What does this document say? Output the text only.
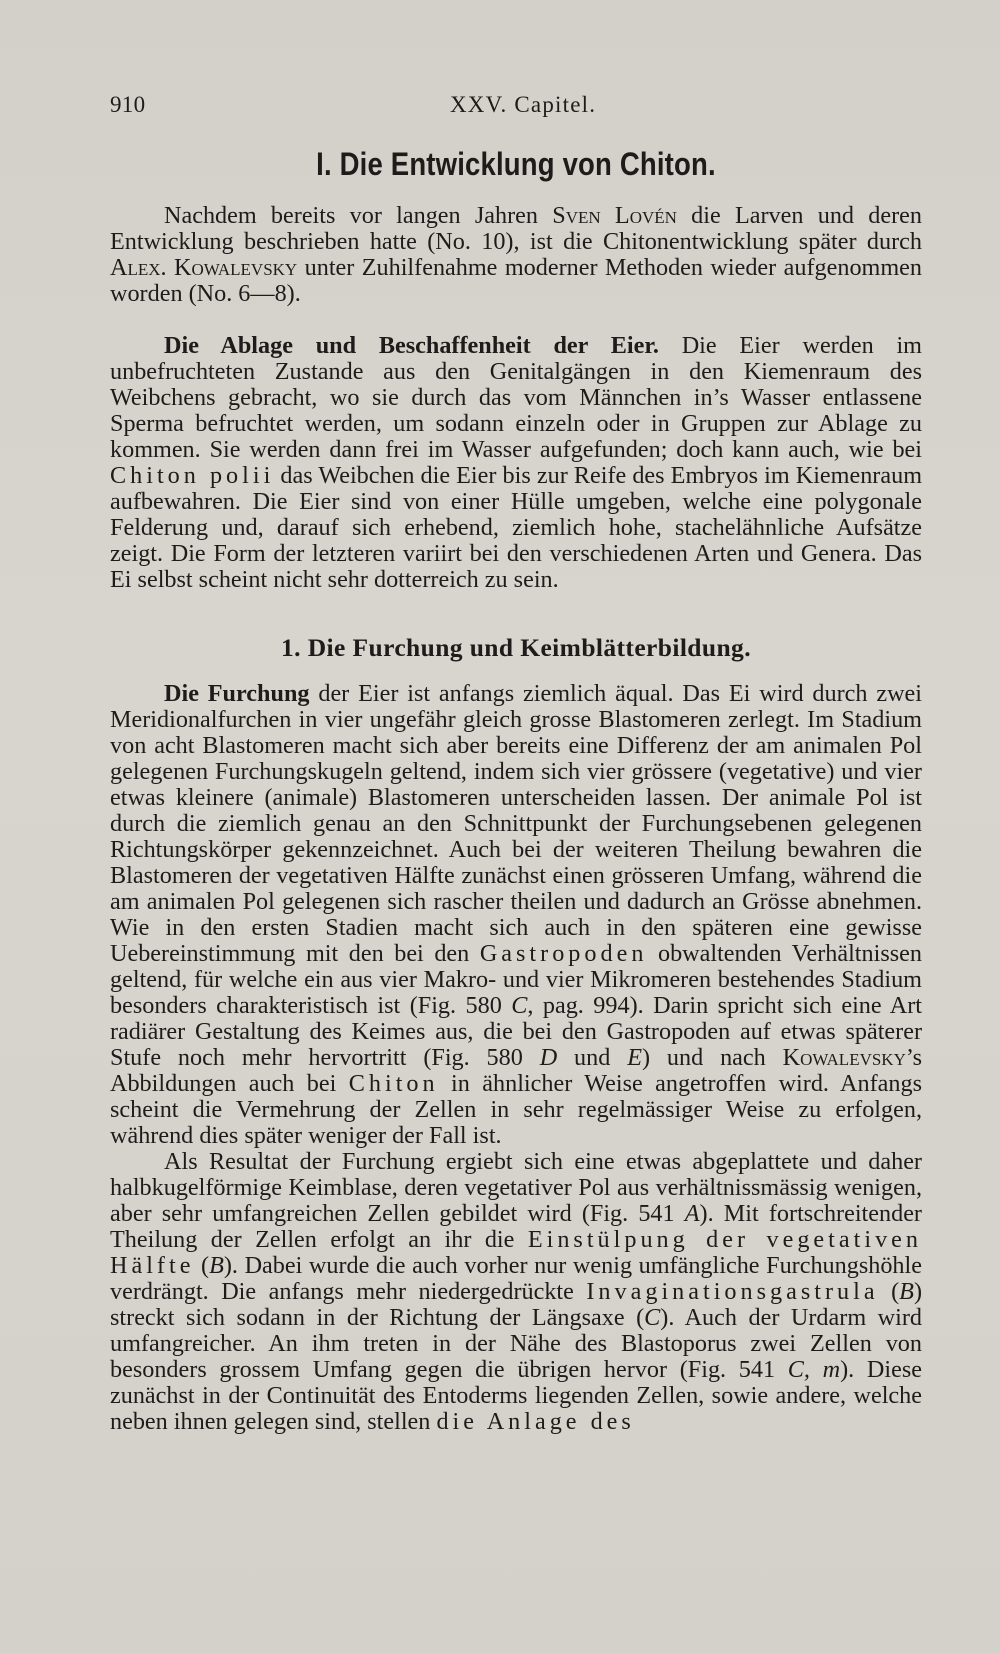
910	XXV. Capitel.
I. Die Entwicklung von Chiton.

Nachdem bereits vor langen Jahren Sven Lovén die Larven und deren Entwicklung beschrieben hatte (No. 10), ist die Chitonentwicklung später durch Alex. Kowalevsky unter Zuhilfenahme moderner Methoden wieder aufgenommen worden (No. 6—8).

Die Ablage und Beschaffenheit der Eier. Die Eier werden im unbefruchteten Zustande aus den Genitalgängen in den Kiemenraum des Weibchens gebracht, wo sie durch das vom Männchen in’s Wasser entlassene Sperma befruchtet werden, um sodann einzeln oder in Gruppen zur Ablage zu kommen. Sie werden dann frei im Wasser aufgefunden; doch kann auch, wie bei Chiton polii das Weibchen die Eier bis zur Reife des Embryos im Kiemenraum aufbewahren. Die Eier sind von einer Hülle umgeben, welche eine polygonale Felderung und, darauf sich erhebend, ziemlich hohe, stachelähnliche Aufsätze zeigt. Die Form der letzteren variirt bei den verschiedenen Arten und Genera. Das Ei selbst scheint nicht sehr dotterreich zu sein.

1. Die Furchung und Keimblätterbildung.

Die Furchung der Eier ist anfangs ziemlich äqual. Das Ei wird durch zwei Meridionalfurchen in vier ungefähr gleich grosse Blastomeren zerlegt. Im Stadium von acht Blastomeren macht sich aber bereits eine Differenz der am animalen Pol gelegenen Furchungskugeln geltend, indem sich vier grössere (vegetative) und vier etwas kleinere (animale) Blastomeren unterscheiden lassen. Der animale Pol ist durch die ziemlich genau an den Schnittpunkt der Furchungsebenen gelegenen Richtungskörper gekennzeichnet. Auch bei der weiteren Theilung bewahren die Blastomeren der vegetativen Hälfte zunächst einen grösseren Umfang, während die am animalen Pol gelegenen sich rascher theilen und dadurch an Grösse abnehmen. Wie in den ersten Stadien macht sich auch in den späteren eine gewisse Uebereinstimmung mit den bei den Gastropoden obwaltenden Verhältnissen geltend, für welche ein aus vier Makro- und vier Mikromeren bestehendes Stadium besonders charakteristisch ist (Fig. 580 C, pag. 994). Darin spricht sich eine Art radiärer Gestaltung des Keimes aus, die bei den Gastropoden auf etwas späterer Stufe noch mehr hervortritt (Fig. 580 D und E) und nach Kowalevsky’s Abbildungen auch bei Chiton in ähnlicher Weise angetroffen wird. Anfangs scheint die Vermehrung der Zellen in sehr regelmässiger Weise zu erfolgen, während dies später weniger der Fall ist.

Als Resultat der Furchung ergiebt sich eine etwas abgeplattete und daher halbkugelförmige Keimblase, deren vegetativer Pol aus verhältnissmässig wenigen, aber sehr umfangreichen Zellen gebildet wird (Fig. 541 A). Mit fortschreitender Theilung der Zellen erfolgt an ihr die Einstülpung der vegetativen Hälfte (B). Dabei wurde die auch vorher nur wenig umfängliche Furchungshöhle verdrängt. Die anfangs mehr niedergedrückte Invaginationsgastrula (B) streckt sich sodann in der Richtung der Längsaxe (C). Auch der Urdarm wird umfangreicher. An ihm treten in der Nähe des Blastoporus zwei Zellen von besonders grossem Umfang gegen die übrigen hervor (Fig. 541 C, m). Diese zunächst in der Continuität des Entoderms liegenden Zellen, sowie andere, welche neben ihnen gelegen sind, stellen die Anlage des
